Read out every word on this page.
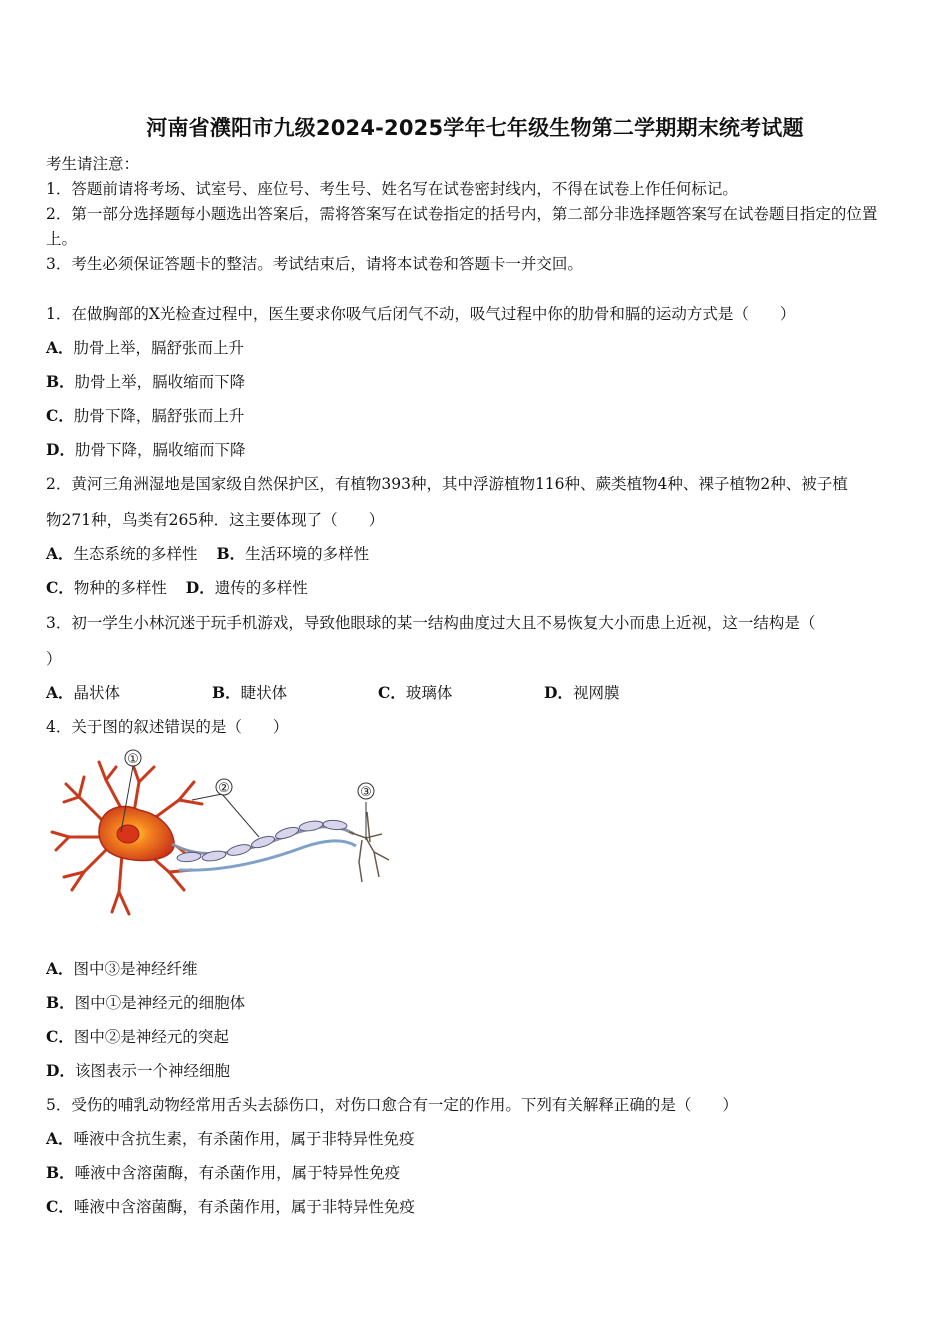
河南省濮阳市九级2024-2025学年七年级生物第二学期期末统考试题
考生请注意：
1．答题前请将考场、试室号、座位号、考生号、姓名写在试卷密封线内，不得在试卷上作任何标记。
2．第一部分选择题每小题选出答案后，需将答案写在试卷指定的括号内，第二部分非选择题答案写在试卷题目指定的位置上。
3．考生必须保证答题卡的整洁。考试结束后，请将本试卷和答题卡一并交回。
1．在做胸部的X光检查过程中，医生要求你吸气后闭气不动，吸气过程中你的肋骨和膈的运动方式是（　　）
A．肋骨上举，膈舒张而上升
B．肋骨上举，膈收缩而下降
C．肋骨下降，膈舒张而上升
D．肋骨下降，膈收缩而下降
2．黄河三角洲湿地是国家级自然保护区，有植物393种，其中浮游植物116种、蕨类植物4种、裸子植物2种、被子植
物271种，鸟类有265种．这主要体现了（　　）
A．生态系统的多样性 B．生活环境的多样性
C．物种的多样性 D．遗传的多样性
3．初一学生小林沉迷于玩手机游戏，导致他眼球的某一结构曲度过大且不易恢复大小而患上近视，这一结构是（
）
A．晶状体	B．睫状体	C．玻璃体	D．视网膜
4．关于图的叙述错误的是（　　）
①
②	③
A．图中③是神经纤维
B．图中①是神经元的细胞体
C．图中②是神经元的突起
D．该图表示一个神经细胞
5．受伤的哺乳动物经常用舌头去舔伤口，对伤口愈合有一定的作用。下列有关解释正确的是（　　）
A．唾液中含抗生素，有杀菌作用，属于非特异性免疫
B．唾液中含溶菌酶，有杀菌作用，属于特异性免疫
C．唾液中含溶菌酶，有杀菌作用，属于非特异性免疫
